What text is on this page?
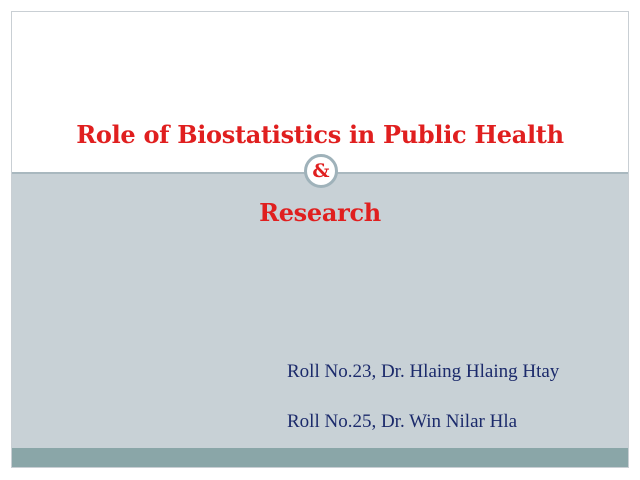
Role of Biostatistics in Public Health
&
Research
Roll No.23, Dr. Hlaing Hlaing Htay
Roll No.25, Dr. Win Nilar Hla
